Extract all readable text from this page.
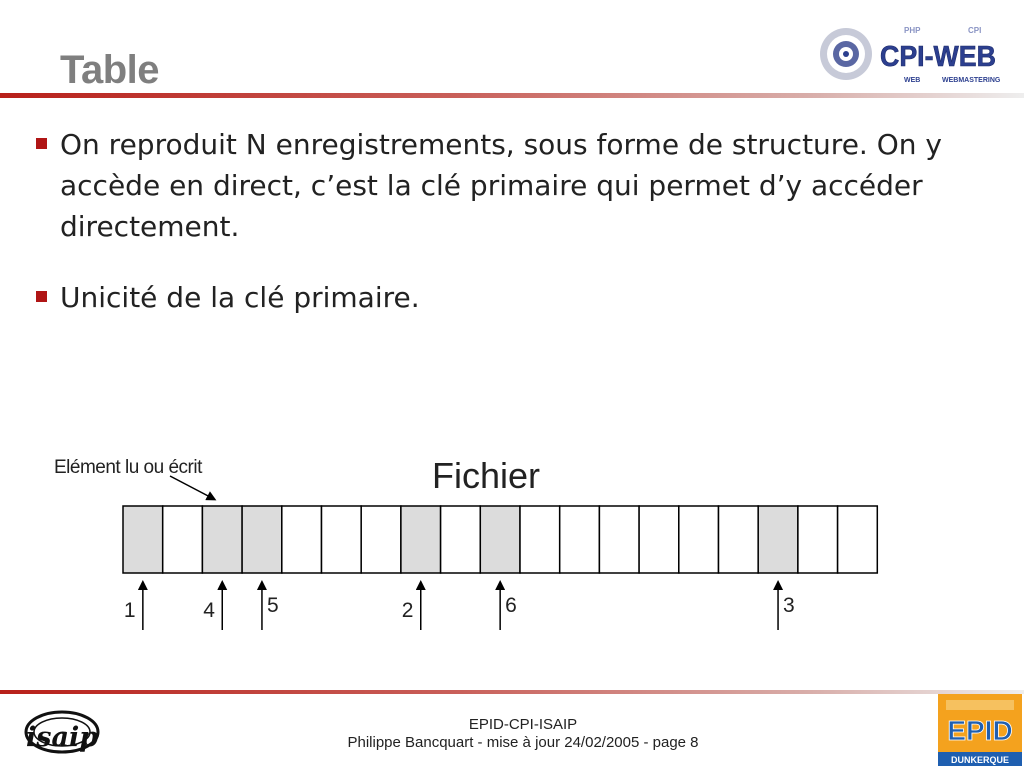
Table
PHP	CPI
CPI-WEB
WEB	WEBMASTERING
On reproduit N enregistrements, sous forme de structure. On y accède en direct, c’est la clé primaire qui permet d’y accéder directement.
Unicité de la clé primaire.
Elément lu ou écrit	Fichier
1	4 5	2	6	3
isaip	EPID-CPI-ISAIP
Philippe Bancquart - mise à jour 24/02/2005 - page 8	EPID
DUNKERQUE
